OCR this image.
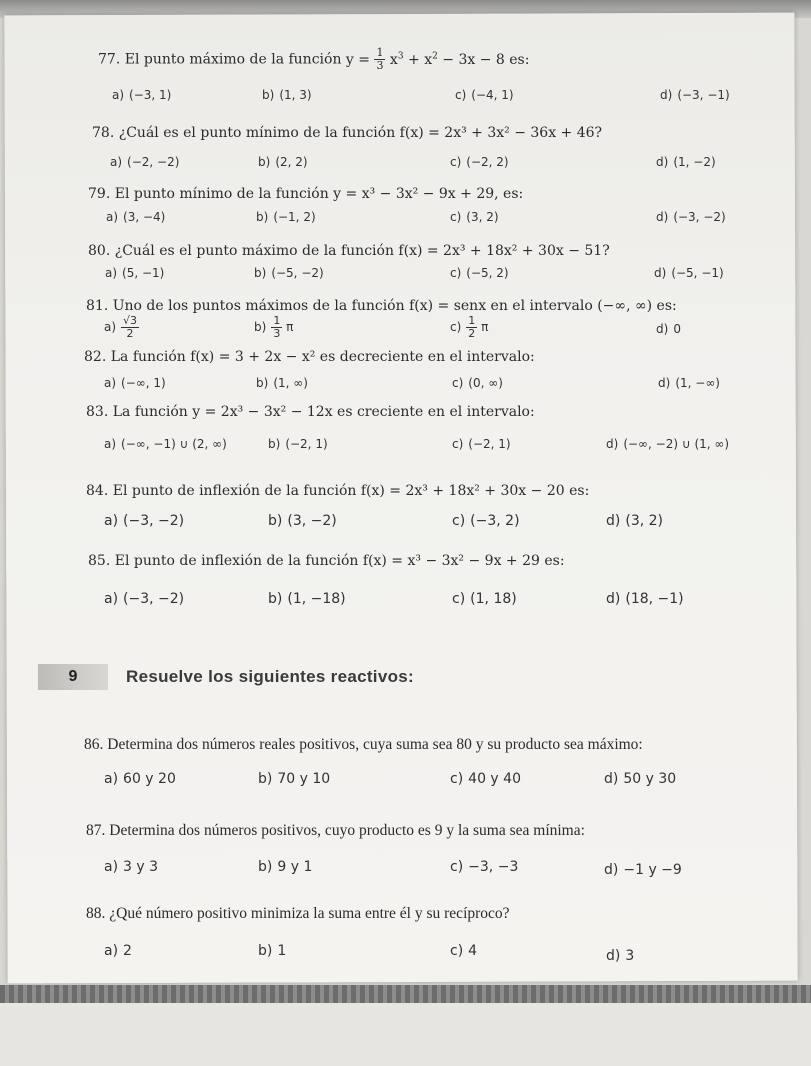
77. El punto máximo de la función $y = \frac{1}{3} x^3 + x^2 - 3x - 8$ es:
a) (−3, 1)	b) (1, 3)	c) (−4, 1)	d) (−3, −1)
78. ¿Cuál es el punto mínimo de la función f(x) = 2x³ + 3x² − 36x + 46?
a) (−2, −2)	b) (2, 2)	c) (−2, 2)	d) (1, −2)
79. El punto mínimo de la función y = x³ − 3x² − 9x + 29, es:
a) (3, −4)	b) (−1, 2)	c) (3, 2)	d) (−3, −2)
80. ¿Cuál es el punto máximo de la función f(x) = 2x³ + 18x² + 30x − 51?
a) (5, −1)	b) (−5, −2)	c) (−5, 2)	d) (−5, −1)
81. Uno de los puntos máximos de la función f(x) = senx en el intervalo (−∞, ∞) es:
$a) \frac{√3}{2}$	$b) \frac{1}{3}$ π	$c) \frac{1}{2}$ π	d) 0
82. La función f(x) = 3 + 2x − x² es decreciente en el intervalo:
a) (−∞, 1)	b) (1, ∞)	c) (0, ∞)	d) (1, −∞)
83. La función y = 2x³ − 3x² − 12x es creciente en el intervalo:
a) (−∞, −1) ∪ (2, ∞)	b) (−2, 1)	c) (−2, 1)	d) (−∞, −2) ∪ (1, ∞)
84. El punto de inflexión de la función f(x) = 2x³ + 18x² + 30x − 20 es:
a) (−3, −2)	b) (3, −2)	c) (−3, 2)	d) (3, 2)
85. El punto de inflexión de la función f(x) = x³ − 3x² − 9x + 29 es:
a) (−3, −2)	b) (1, −18)	c) (1, 18)	d) (18, −1)
9	Resuelve los siguientes reactivos:
86. Determina dos números reales positivos, cuya suma sea 80 y su producto sea máximo:
a) 60 y 20	b) 70 y 10	c) 40 y 40	d) 50 y 30
87. Determina dos números positivos, cuyo producto es 9 y la suma sea mínima:
a) 3 y 3	b) 9 y 1	c) −3, −3	d) −1 y −9
88. ¿Qué número positivo minimiza la suma entre él y su recíproco?
a) 2	b) 1	c) 4	d) 3
